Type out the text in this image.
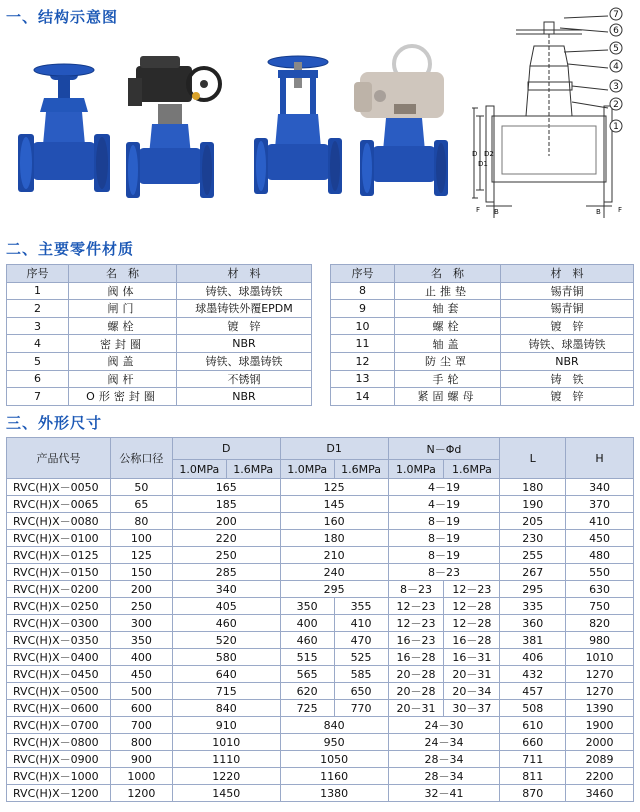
一、结构示意图	7
6
5
4
3
2
1
D
D1
D2
B
F	B F
二、主要零件材质
序号	名　称	材　料
1	阀体	铸铁、球墨铸铁
2	闸门	球墨铸铁外覆EPDM
3	螺栓	镀　锌
4	密封圈	NBR
5	阀盖	铸铁、球墨铸铁
6	阀杆	不锈钢
7	O形密封圈	NBR
序号	名　称	材　料
8	止推垫	锡青铜
9	轴套	锡青铜
10	螺栓	镀　锌
11	轴盖	铸铁、球墨铸铁
12	防尘罩	NBR
13	手轮	铸　铁
14	紧固螺母	镀　锌
三、外形尺寸
产品代号	公称口径	D		D1		N－Φd		L	H
		1.0MPa	1.6MPa	1.0MPa	1.6MPa	1.0MPa	1.6MPa		
RVC(H)X－0050	50	165		125		4－19		180	340
RVC(H)X－0065	65	185		145		4－19		190	370
RVC(H)X－0080	80	200		160		8－19		205	410
RVC(H)X－0100	100	220		180		8－19		230	450
RVC(H)X－0125	125	250		210		8－19		255	480
RVC(H)X－0150	150	285		240		8－23		267	550
RVC(H)X－0200	200	340		295		8－23	12－23	295	630
RVC(H)X－0250	250	405		350	355	12－23	12－28	335	750
RVC(H)X－0300	300	460		400	410	12－23	12－28	360	820
RVC(H)X－0350	350	520		460	470	16－23	16－28	381	980
RVC(H)X－0400	400	580		515	525	16－28	16－31	406	1010
RVC(H)X－0450	450	640		565	585	20－28	20－31	432	1270
RVC(H)X－0500	500	715		620	650	20－28	20－34	457	1270
RVC(H)X－0600	600	840		725	770	20－31	30－37	508	1390
RVC(H)X－0700	700	910		840		24－30		610	1900
RVC(H)X－0800	800	1010		950		24－34		660	2000
RVC(H)X－0900	900	1110		1050		28－34		711	2089
RVC(H)X－1000	1000	1220		1160		28－34		811	2200
RVC(H)X－1200	1200	1450		1380		32－41		870	3460
